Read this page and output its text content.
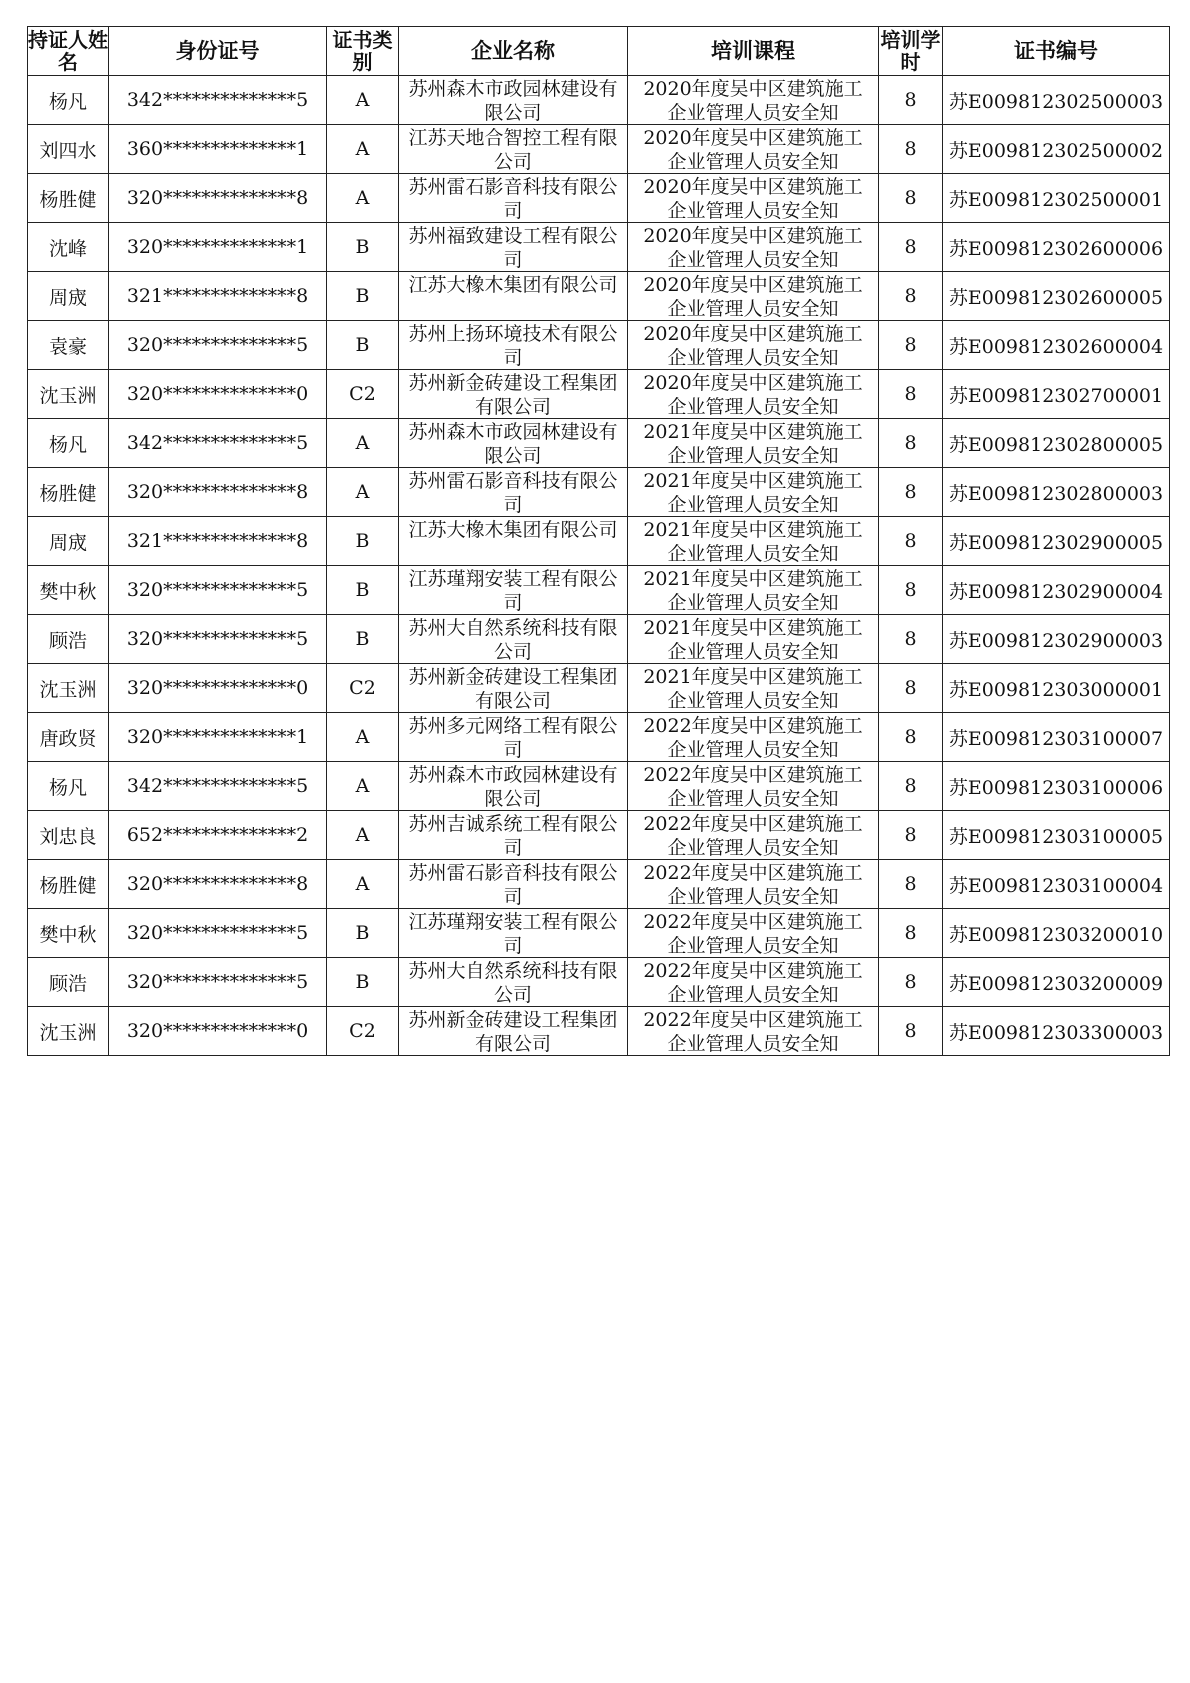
持证人姓名	身份证号	证书类别	企业名称	培训课程	培训学时	证书编号
杨凡	342**************5	A	苏州森木市政园林建设有限公司	2020年度吴中区建筑施工企业管理人员安全知	8	苏E009812302500003
刘四水	360**************1	A	江苏天地合智控工程有限公司	2020年度吴中区建筑施工企业管理人员安全知	8	苏E009812302500002
杨胜健	320**************8	A	苏州雷石影音科技有限公司	2020年度吴中区建筑施工企业管理人员安全知	8	苏E009812302500001
沈峰	320**************1	B	苏州福致建设工程有限公司	2020年度吴中区建筑施工企业管理人员安全知	8	苏E009812302600006
周宬	321**************8	B	江苏大橡木集团有限公司	2020年度吴中区建筑施工企业管理人员安全知	8	苏E009812302600005
袁豪	320**************5	B	苏州上扬环境技术有限公司	2020年度吴中区建筑施工企业管理人员安全知	8	苏E009812302600004
沈玉洲	320**************0	C2	苏州新金砖建设工程集团有限公司	2020年度吴中区建筑施工企业管理人员安全知	8	苏E009812302700001
杨凡	342**************5	A	苏州森木市政园林建设有限公司	2021年度吴中区建筑施工企业管理人员安全知	8	苏E009812302800005
杨胜健	320**************8	A	苏州雷石影音科技有限公司	2021年度吴中区建筑施工企业管理人员安全知	8	苏E009812302800003
周宬	321**************8	B	江苏大橡木集团有限公司	2021年度吴中区建筑施工企业管理人员安全知	8	苏E009812302900005
樊中秋	320**************5	B	江苏瑾翔安装工程有限公司	2021年度吴中区建筑施工企业管理人员安全知	8	苏E009812302900004
顾浩	320**************5	B	苏州大自然系统科技有限公司	2021年度吴中区建筑施工企业管理人员安全知	8	苏E009812302900003
沈玉洲	320**************0	C2	苏州新金砖建设工程集团有限公司	2021年度吴中区建筑施工企业管理人员安全知	8	苏E009812303000001
唐政贤	320**************1	A	苏州多元网络工程有限公司	2022年度吴中区建筑施工企业管理人员安全知	8	苏E009812303100007
杨凡	342**************5	A	苏州森木市政园林建设有限公司	2022年度吴中区建筑施工企业管理人员安全知	8	苏E009812303100006
刘忠良	652**************2	A	苏州吉诚系统工程有限公司	2022年度吴中区建筑施工企业管理人员安全知	8	苏E009812303100005
杨胜健	320**************8	A	苏州雷石影音科技有限公司	2022年度吴中区建筑施工企业管理人员安全知	8	苏E009812303100004
樊中秋	320**************5	B	江苏瑾翔安装工程有限公司	2022年度吴中区建筑施工企业管理人员安全知	8	苏E009812303200010
顾浩	320**************5	B	苏州大自然系统科技有限公司	2022年度吴中区建筑施工企业管理人员安全知	8	苏E009812303200009
沈玉洲	320**************0	C2	苏州新金砖建设工程集团有限公司	2022年度吴中区建筑施工企业管理人员安全知	8	苏E009812303300003
